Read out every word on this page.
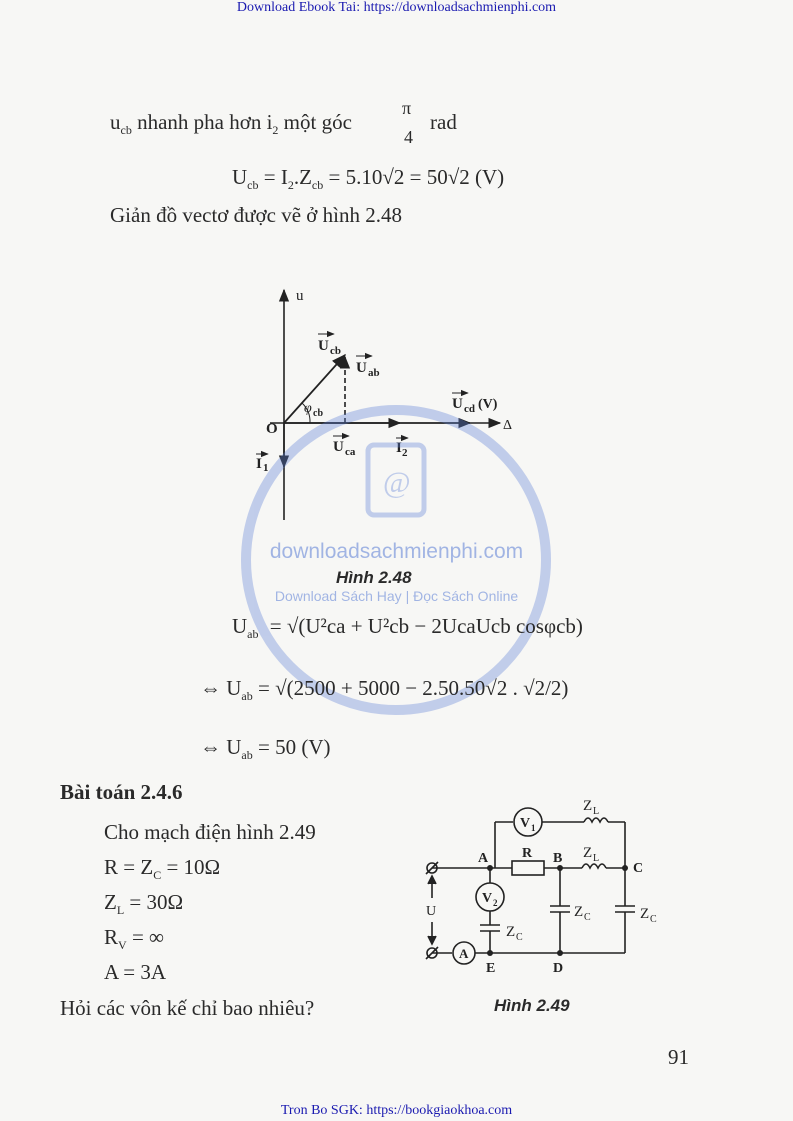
Download Ebook Tai: https://downloadsachmienphi.com
$u_{cb}$ nhanh pha hơn $i_2$ một góc
π
4
rad
$U_{cb} = I_2.Z_{cb} = 5.10√2 = 50√2$ (V)
Giản đồ vectơ được vẽ ở hình 2.48
u
U cb
U ab
φ cb
U cd (V)
Δ
O
U ca	I 2
I 1	@
downloadsachmienphi.com
Download Sách Hay | Đọc Sách Online
Hình 2.48
$U_{ab} = √(U^2ca + U^2cb$ − 2UcaUcb cosφcb)
⇔ $U_{ab} = √(2500 + 5000 - 2.50.50√2$ . √2/2)
⇔ $U_{ab} = 50$ (V)
Bài toán 2.4.6
Cho mạch điện hình 2.49
$R = Z_C = 10\Omega$
$Z_L = 30\Omega$
$R_V$ = ∞
A = 3A
Hỏi các vôn kế chỉ bao nhiêu?
V 1
Z L
A R B Z L
C
V 2
U
Z C
Z C	Z C
A
E	D
Hình 2.49
91
Tron Bo SGK: https://bookgiaokhoa.com
